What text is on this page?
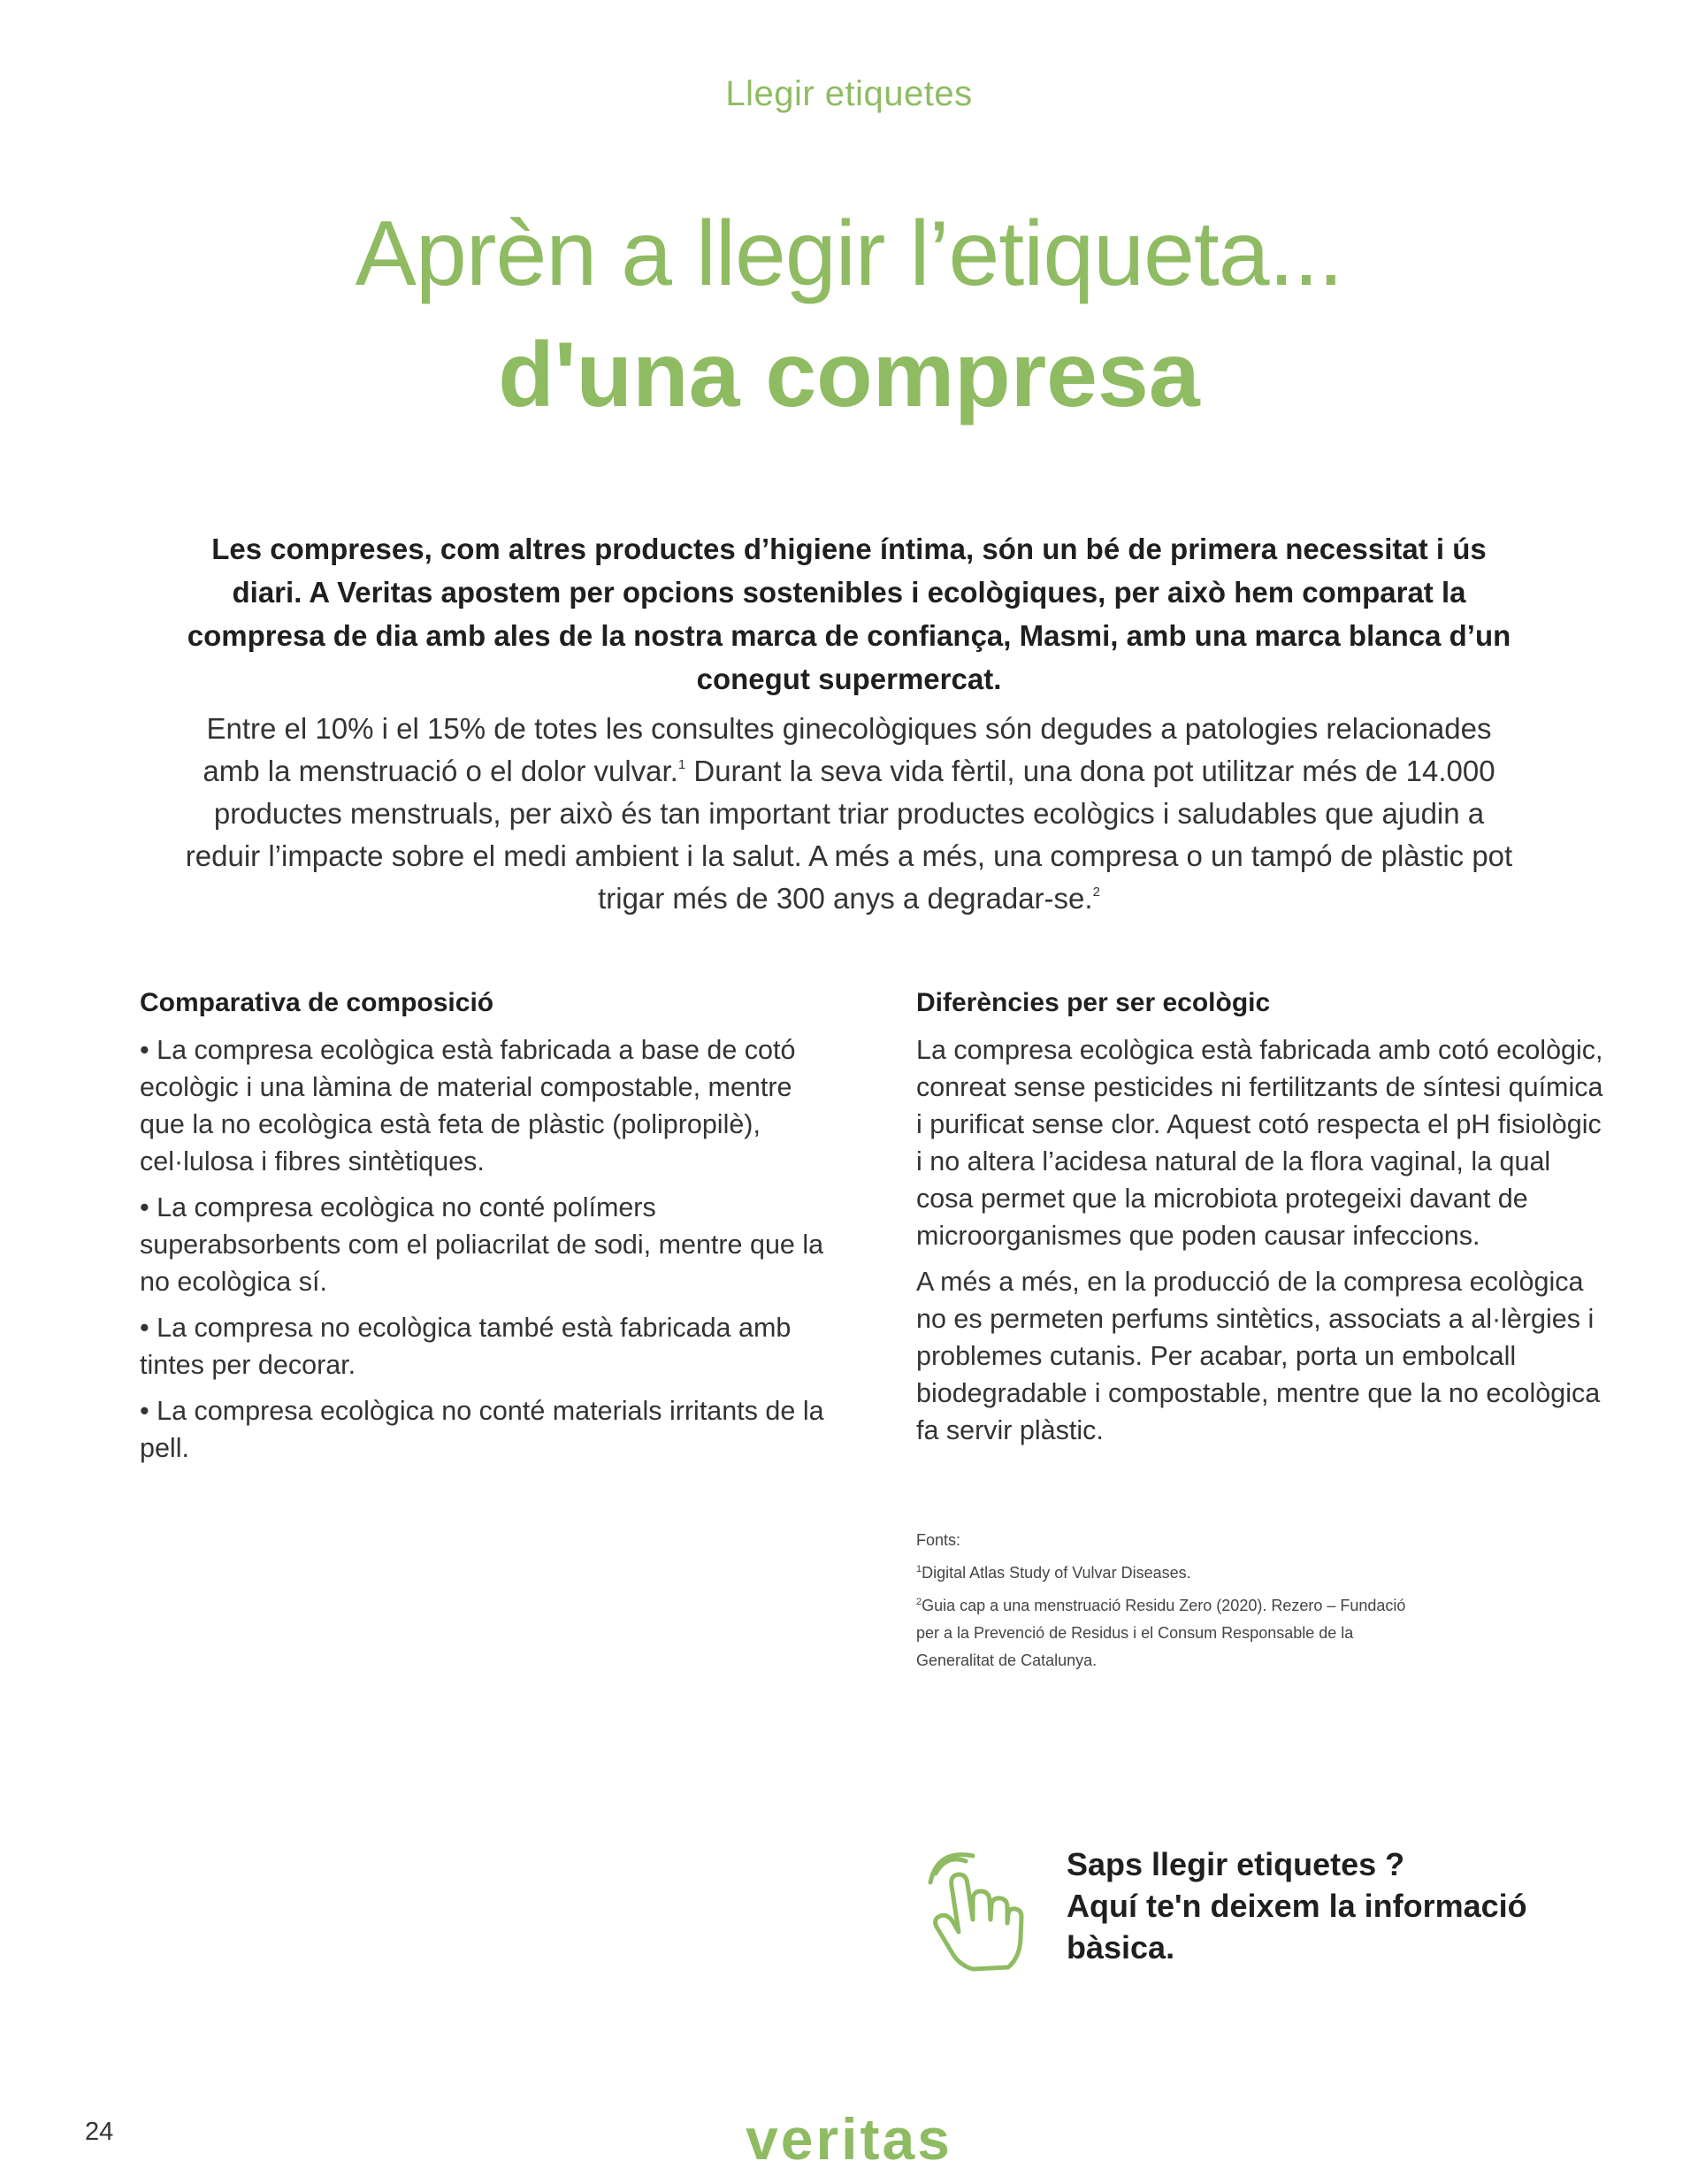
Llegir etiquetes
Aprèn a llegir l’etiqueta...
d'una compresa
Les compreses, com altres productes d’higiene íntima, són un bé de primera necessitat i ús diari. A Veritas apostem per opcions sostenibles i ecològiques, per això hem comparat la compresa de dia amb ales de la nostra marca de confiança, Masmi, amb una marca blanca d’un conegut supermercat.
Entre el 10% i el 15% de totes les consultes ginecològiques són degudes a patologies relacionades amb la menstruació o el dolor vulvar.$^1$ Durant la seva vida fèrtil, una dona pot utilitzar més de 14.000 productes menstruals, per això és tan important triar productes ecològics i saludables que ajudin a reduir l’impacte sobre el medi ambient i la salut. A més a més, una compresa o un tampó de plàstic pot trigar més de 300 anys a degradar-se.$^2$
Comparativa de composició

• La compresa ecològica està fabricada a base de cotó ecològic i una làmina de material compostable, mentre que la no ecològica està feta de plàstic (polipropilè), cel·lulosa i fibres sintètiques.

• La compresa ecològica no conté polímers superabsorbents com el poliacrilat de sodi, mentre que la no ecològica sí.

• La compresa no ecològica també està fabricada amb tintes per decorar.

• La compresa ecològica no conté materials irritants de la pell.

Diferències per ser ecològic

La compresa ecològica està fabricada amb cotó ecològic, conreat sense pesticides ni fertilitzants de síntesi química i purificat sense clor. Aquest cotó respecta el pH fisiològic i no altera l’acidesa natural de la flora vaginal, la qual cosa permet que la microbiota protegeixi davant de microorganismes que poden causar infeccions.

A més a més, en la producció de la compresa ecològica no es permeten perfums sintètics, associats a al·lèrgies i problemes cutanis. Per acabar, porta un embolcall biodegradable i compostable, mentre que la no ecològica fa servir plàstic.

Fonts:
$^1$Digital Atlas Study of Vulvar Diseases.
$^2$Guia cap a una menstruació Residu Zero (2020). Rezero – Fundació
per a la Prevenció de Residus i el Consum Responsable de la
Generalitat de Catalunya.
Saps llegir etiquetes ?
Aquí te'n deixem la informació
bàsica.
24	veritas
